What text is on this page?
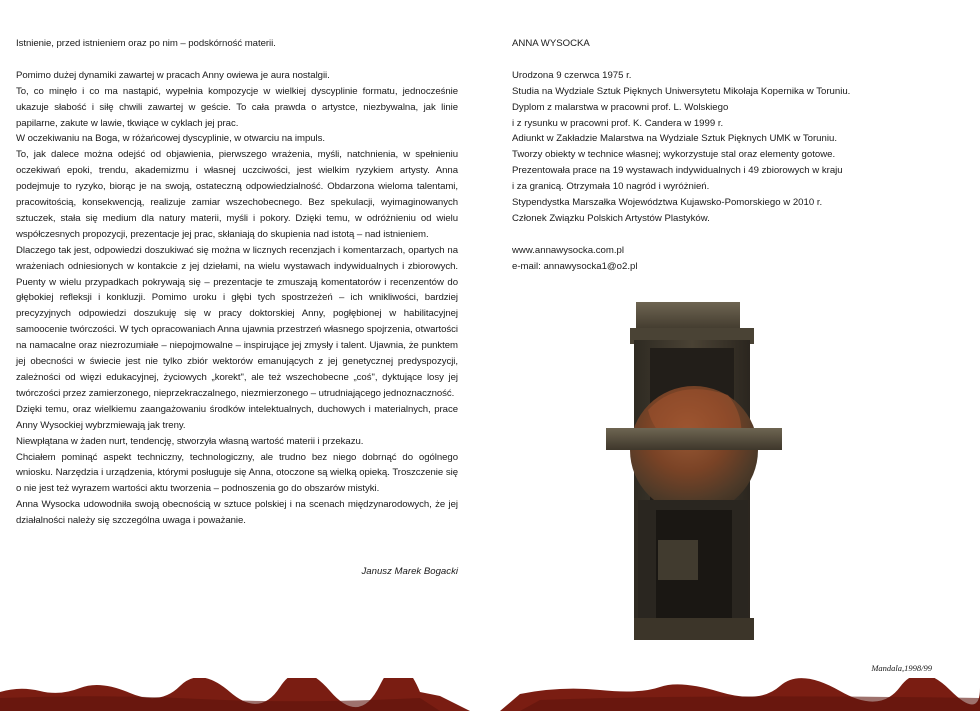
Istnienie, przed istnieniem oraz po nim – podskórność materii.

Pomimo dużej dynamiki zawartej w pracach Anny owiewa je aura nostalgii.

To, co minęło i co ma nastąpić, wypełnia kompozycje w wielkiej dyscyplinie formatu, jednocześnie ukazuje słabość i siłę chwili zawartej w geście. To cała prawda o artystce, niezbywalna, jak linie papilarne, zakute w lawie, tkwiące w cyklach jej prac.

W oczekiwaniu na Boga, w różańcowej dyscyplinie, w otwarciu na impuls.

To, jak dalece można odejść od objawienia, pierwszego wrażenia, myśli, natchnienia, w spełnieniu oczekiwań epoki, trendu, akademizmu i własnej uczciwości, jest wielkim ryzykiem artysty. Anna podejmuje to ryzyko, biorąc je na swoją, ostateczną odpowiedzialność. Obdarzona wieloma talentami, pracowitością, konsekwencją, realizuje zamiar wszechobecnego. Bez spekulacji, wyimaginowanych sztuczek, stała się medium dla natury materii, myśli i pokory. Dzięki temu, w odróżnieniu od wielu współczesnych propozycji, prezentacje jej prac, skłaniają do skupienia nad istotą – nad istnieniem.

Dlaczego tak jest, odpowiedzi doszukiwać się można w licznych recenzjach i komentarzach, opartych na wrażeniach odniesionych w kontakcie z jej dziełami, na wielu wystawach indywidualnych i zbiorowych. Puenty w wielu przypadkach pokrywają się – prezentacje te zmuszają komentatorów i recenzentów do głębokiej refleksji i konkluzji. Pomimo uroku i głębi tych spostrzeżeń – ich wnikliwości, bardziej precyzyjnych odpowiedzi doszukuję się w pracy doktorskiej Anny, pogłębionej w habilitacyjnej samoocenie twórczości. W tych opracowaniach Anna ujawnia przestrzeń własnego spojrzenia, otwartości na namacalne oraz niezrozumiałe – niepojmowalne – inspirujące jej zmysły i talent. Ujawnia, że punktem jej obecności w świecie jest nie tylko zbiór wektorów emanujących z jej genetycznej predyspozycji, zależności od więzi edukacyjnej, życiowych „korekt", ale też wszechobecne „coś", dyktujące losy jej twórczości przez zamierzonego, nieprzekraczalnego, niezmierzonego – utrudniającego jednoznaczność.

Dzięki temu, oraz wielkiemu zaangażowaniu środków intelektualnych, duchowych i materialnych, prace Anny Wysockiej wybrzmiewają jak treny.

Niewpłątana w żaden nurt, tendencję, stworzyła własną wartość materii i przekazu.

Chciałem pominąć aspekt techniczny, technologiczny, ale trudno bez niego dobrnąć do ogólnego wniosku. Narzędzia i urządzenia, którymi posługuje się Anna, otoczone są wielką opieką. Troszczenie się o nie jest też wyrazem wartości aktu tworzenia – podnoszenia go do obszarów mistyki.

Anna Wysocka udowodniła swoją obecnością w sztuce polskiej i na scenach międzynarodowych, że jej działalności należy się szczególna uwaga i poważanie.

Janusz Marek Bogacki

ANNA WYSOCKA

Urodzona 9 czerwca 1975 r.

Studia na Wydziale Sztuk Pięknych Uniwersytetu Mikołaja Kopernika w Toruniu.

Dyplom z malarstwa w pracowni prof. L. Wolskiego

i z rysunku w pracowni prof. K. Candera w 1999 r.

Adiunkt w Zakładzie Malarstwa na Wydziale Sztuk Pięknych UMK w Toruniu.

Tworzy obiekty w technice własnej; wykorzystuje stal oraz elementy gotowe.

Prezentowała prace na 19 wystawach indywidualnych i 49 zbiorowych w kraju

i za granicą. Otrzymała 10 nagród i wyróżnień.

Stypendystka Marszałka Województwa Kujawsko-Pomorskiego w 2010 r.

Członek Związku Polskich Artystów Plastyków.

www.annawysocka.com.pl

e-mail: annawysocka1@o2.pl

Mandala,1998/99
